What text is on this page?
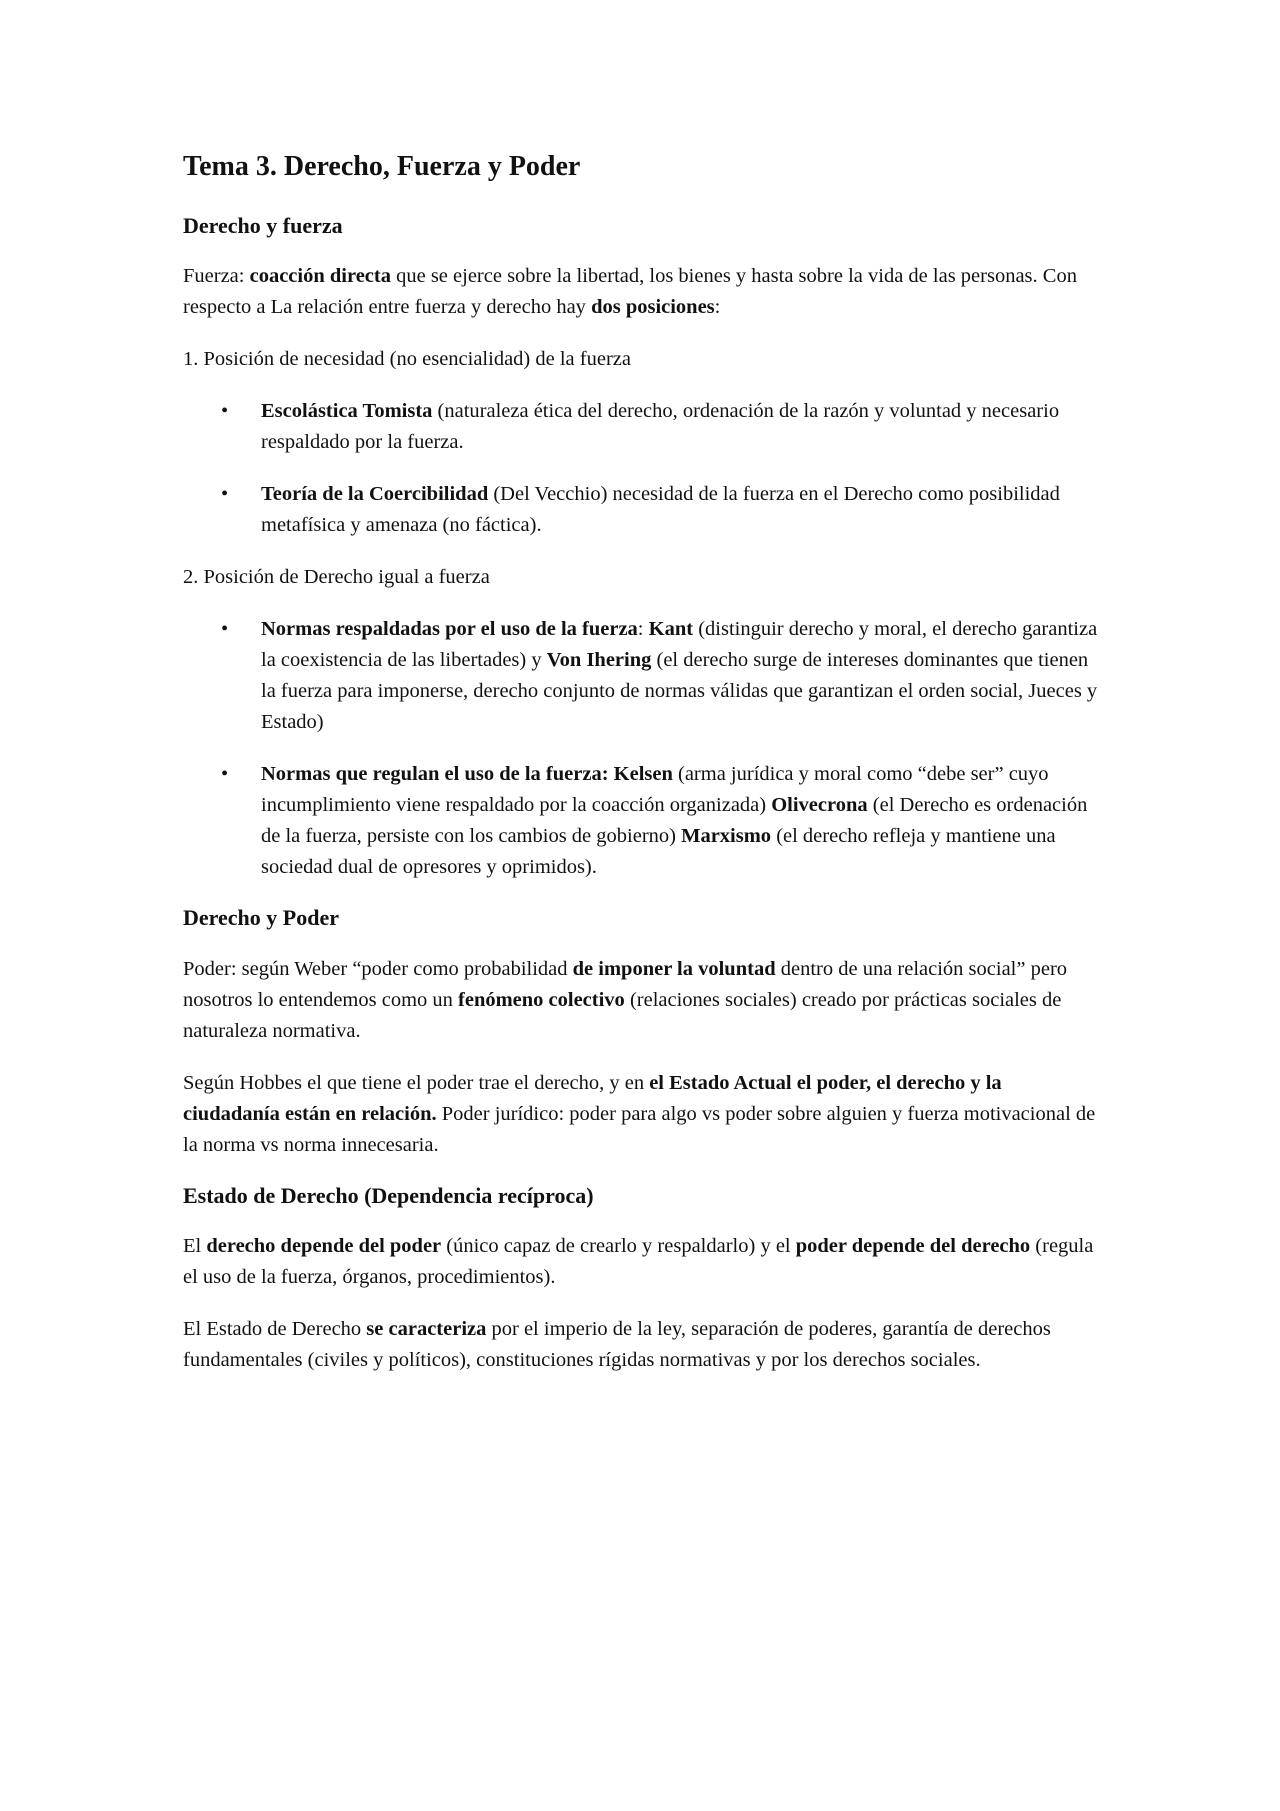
Tema 3. Derecho, Fuerza y Poder
Derecho y fuerza

Fuerza: coacción directa que se ejerce sobre la libertad, los bienes y hasta sobre la vida de las personas. Con respecto a La relación entre fuerza y derecho hay dos posiciones:

1. Posición de necesidad (no esencialidad) de la fuerza

• Escolástica Tomista (naturaleza ética del derecho, ordenación de la razón y voluntad y necesario respaldado por la fuerza.
• Teoría de la Coercibilidad (Del Vecchio) necesidad de la fuerza en el Derecho como posibilidad metafísica y amenaza (no fáctica).

2. Posición de Derecho igual a fuerza

• Normas respaldadas por el uso de la fuerza: Kant (distinguir derecho y moral, el derecho garantiza la coexistencia de las libertades) y Von Ihering (el derecho surge de intereses dominantes que tienen la fuerza para imponerse, derecho conjunto de normas válidas que garantizan el orden social, Jueces y Estado)
• Normas que regulan el uso de la fuerza: Kelsen (arma jurídica y moral como “debe ser” cuyo incumplimiento viene respaldado por la coacción organizada) Olivecrona (el Derecho es ordenación de la fuerza, persiste con los cambios de gobierno) Marxismo (el derecho refleja y mantiene una sociedad dual de opresores y oprimidos).
Derecho y Poder

Poder: según Weber “poder como probabilidad de imponer la voluntad dentro de una relación social” pero nosotros lo entendemos como un fenómeno colectivo (relaciones sociales) creado por prácticas sociales de naturaleza normativa.

Según Hobbes el que tiene el poder trae el derecho, y en el Estado Actual el poder, el derecho y la ciudadanía están en relación. Poder jurídico: poder para algo vs poder sobre alguien y fuerza motivacional de la norma vs norma innecesaria.

Estado de Derecho (Dependencia recíproca)

El derecho depende del poder (único capaz de crearlo y respaldarlo) y el poder depende del derecho (regula el uso de la fuerza, órganos, procedimientos).

El Estado de Derecho se caracteriza por el imperio de la ley, separación de poderes, garantía de derechos fundamentales (civiles y políticos), constituciones rígidas normativas y por los derechos sociales.
